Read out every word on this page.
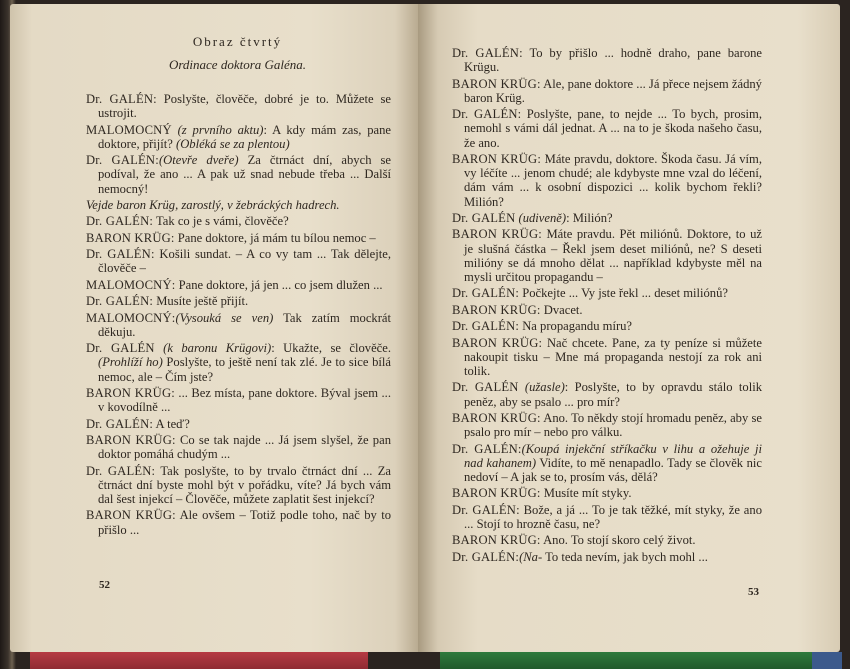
Obraz čtvrtý
Ordinace doktora Galéna.
Dr. GALÉN: Poslyšte, člověče, dobré je to. Můžete se ustrojit.
MALOMOCNÝ (z prvního aktu): A kdy mám zas, pane doktore, přijít? (Obléká se za plentou)
Dr. GALÉN:(Otevře dveře) Za čtrnáct dní, abych se podíval, že ano ... A pak už snad nebude třeba ... Další nemocný!
Vejde baron Krüg, zarostlý, v žebráckých hadrech.
Dr. GALÉN: Tak co je s vámi, člověče?
BARON KRÜG: Pane doktore, já mám tu bílou nemoc –
Dr. GALÉN: Košili sundat. – A co vy tam ... Tak dělejte, člověče –
MALOMOCNÝ: Pane doktore, já jen ... co jsem dlužen ...
Dr. GALÉN: Musíte ještě přijít.
MALOMOCNÝ:(Vysouká se ven) Tak zatím mockrát děkuju.
Dr. GALÉN (k baronu Krügovi): Ukažte, se člověče. (Prohlíží ho) Poslyšte, to ještě není tak zlé. Je to sice bílá nemoc, ale – Čím jste?
BARON KRÜG: ... Bez místa, pane doktore. Býval jsem ... v kovodílně ...
Dr. GALÉN: A teď?
BARON KRÜG: Co se tak najde ... Já jsem slyšel, že pan doktor pomáhá chudým ...
Dr. GALÉN: Tak poslyšte, to by trvalo čtrnáct dní ... Za čtrnáct dní byste mohl být v pořádku, víte? Já bych vám dal šest injekcí – Člověče, můžete zaplatit šest injekcí?
BARON KRÜG: Ale ovšem – Totiž podle toho, nač by to přišlo ...
52
Dr. GALÉN: To by přišlo ... hodně draho, pane barone Krügu.
BARON KRÜG: Ale, pane doktore ... Já přece nejsem žádný baron Krüg.
Dr. GALÉN: Poslyšte, pane, to nejde ... To bych, prosim, nemohl s vámi dál jednat. A ... na to je škoda našeho času, že ano.
BARON KRÜG: Máte pravdu, doktore. Škoda času. Já vím, vy léčíte ... jenom chudé; ale kdybyste mne vzal do léčení, dám vám ... k osobní dispozici ... kolik bychom řekli? Milión?
Dr. GALÉN (udiveně): Milión?
BARON KRÜG: Máte pravdu. Pět miliónů. Doktore, to už je slušná částka – Řekl jsem deset miliónů, ne? S deseti milióny se dá mnoho dělat ... například kdybyste měl na mysli určitou propagandu –
Dr. GALÉN: Počkejte ... Vy jste řekl ... deset miliónů?
BARON KRÜG: Dvacet.
Dr. GALÉN: Na propagandu míru?
BARON KRÜG: Nač chcete. Pane, za ty peníze si můžete nakoupit tisku – Mne má propaganda nestojí za rok ani tolik.
Dr. GALÉN (užasle): Poslyšte, to by opravdu stálo tolik peněz, aby se psalo ... pro mír?
BARON KRÜG: Ano. To někdy stojí hromadu peněz, aby se psalo pro mír – nebo pro válku.
Dr. GALÉN:(Koupá injekční stříkačku v lihu a ožehuje ji nad kahanem) Vidíte, to mě nenapadlo. Tady se člověk nic nedoví – A jak se to, prosím vás, dělá?
BARON KRÜG: Musíte mít styky.
Dr. GALÉN: Bože, a já ... To je tak těžké, mít styky, že ano ... Stojí to hrozně času, ne?
BARON KRÜG: Ano. To stojí skoro celý život.
Dr. GALÉN:(Na- To teda nevím, jak bych mohl ...
53
